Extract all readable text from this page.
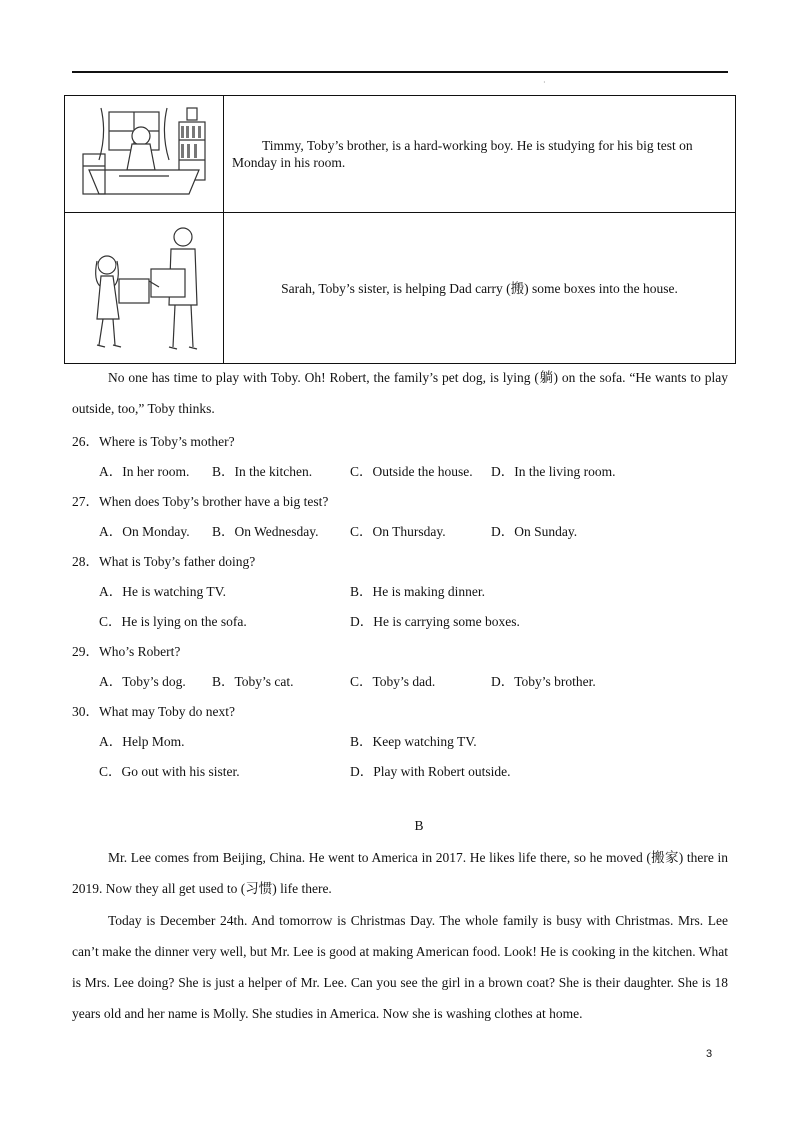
·

Timmy, Toby’s brother, is a hard-working boy. He is studying for his big test on Monday in his room.

Sarah, Toby’s sister, is helping Dad carry (搬) some boxes into the house.
No one has time to play with Toby. Oh! Robert, the family’s pet dog, is lying (躺) on the sofa. “He wants to play outside, too,” Toby thinks.
26．Where is Toby’s mother?
A．In her room. B．In the kitchen.	C．Outside the house. D．In the living room.
27．When does Toby’s brother have a big test?
A．On Monday. B．On Wednesday. C．On Thursday.	D．On Sunday.
28．What is Toby’s father doing?
A．He is watching TV.	B．He is making dinner.
C．He is lying on the sofa.	D．He is carrying some boxes.
29．Who’s Robert?
A．Toby’s dog. B．Toby’s cat.	C．Toby’s dad.	D．Toby’s brother.
30．What may Toby do next?
A．Help Mom.	B．Keep watching TV.
C．Go out with his sister.	D．Play with Robert outside.
B
Mr. Lee comes from Beijing, China. He went to America in 2017. He likes life there, so he moved (搬家) there in 2019. Now they all get used to (习惯) life there.
Today is December 24th. And tomorrow is Christmas Day. The whole family is busy with Christmas. Mrs. Lee can’t make the dinner very well, but Mr. Lee is good at making American food. Look! He is cooking in the kitchen. What is Mrs. Lee doing? She is just a helper of Mr. Lee. Can you see the girl in a brown coat? She is their daughter. She is 18 years old and her name is Molly. She studies in America. Now she is washing clothes at home.
3
